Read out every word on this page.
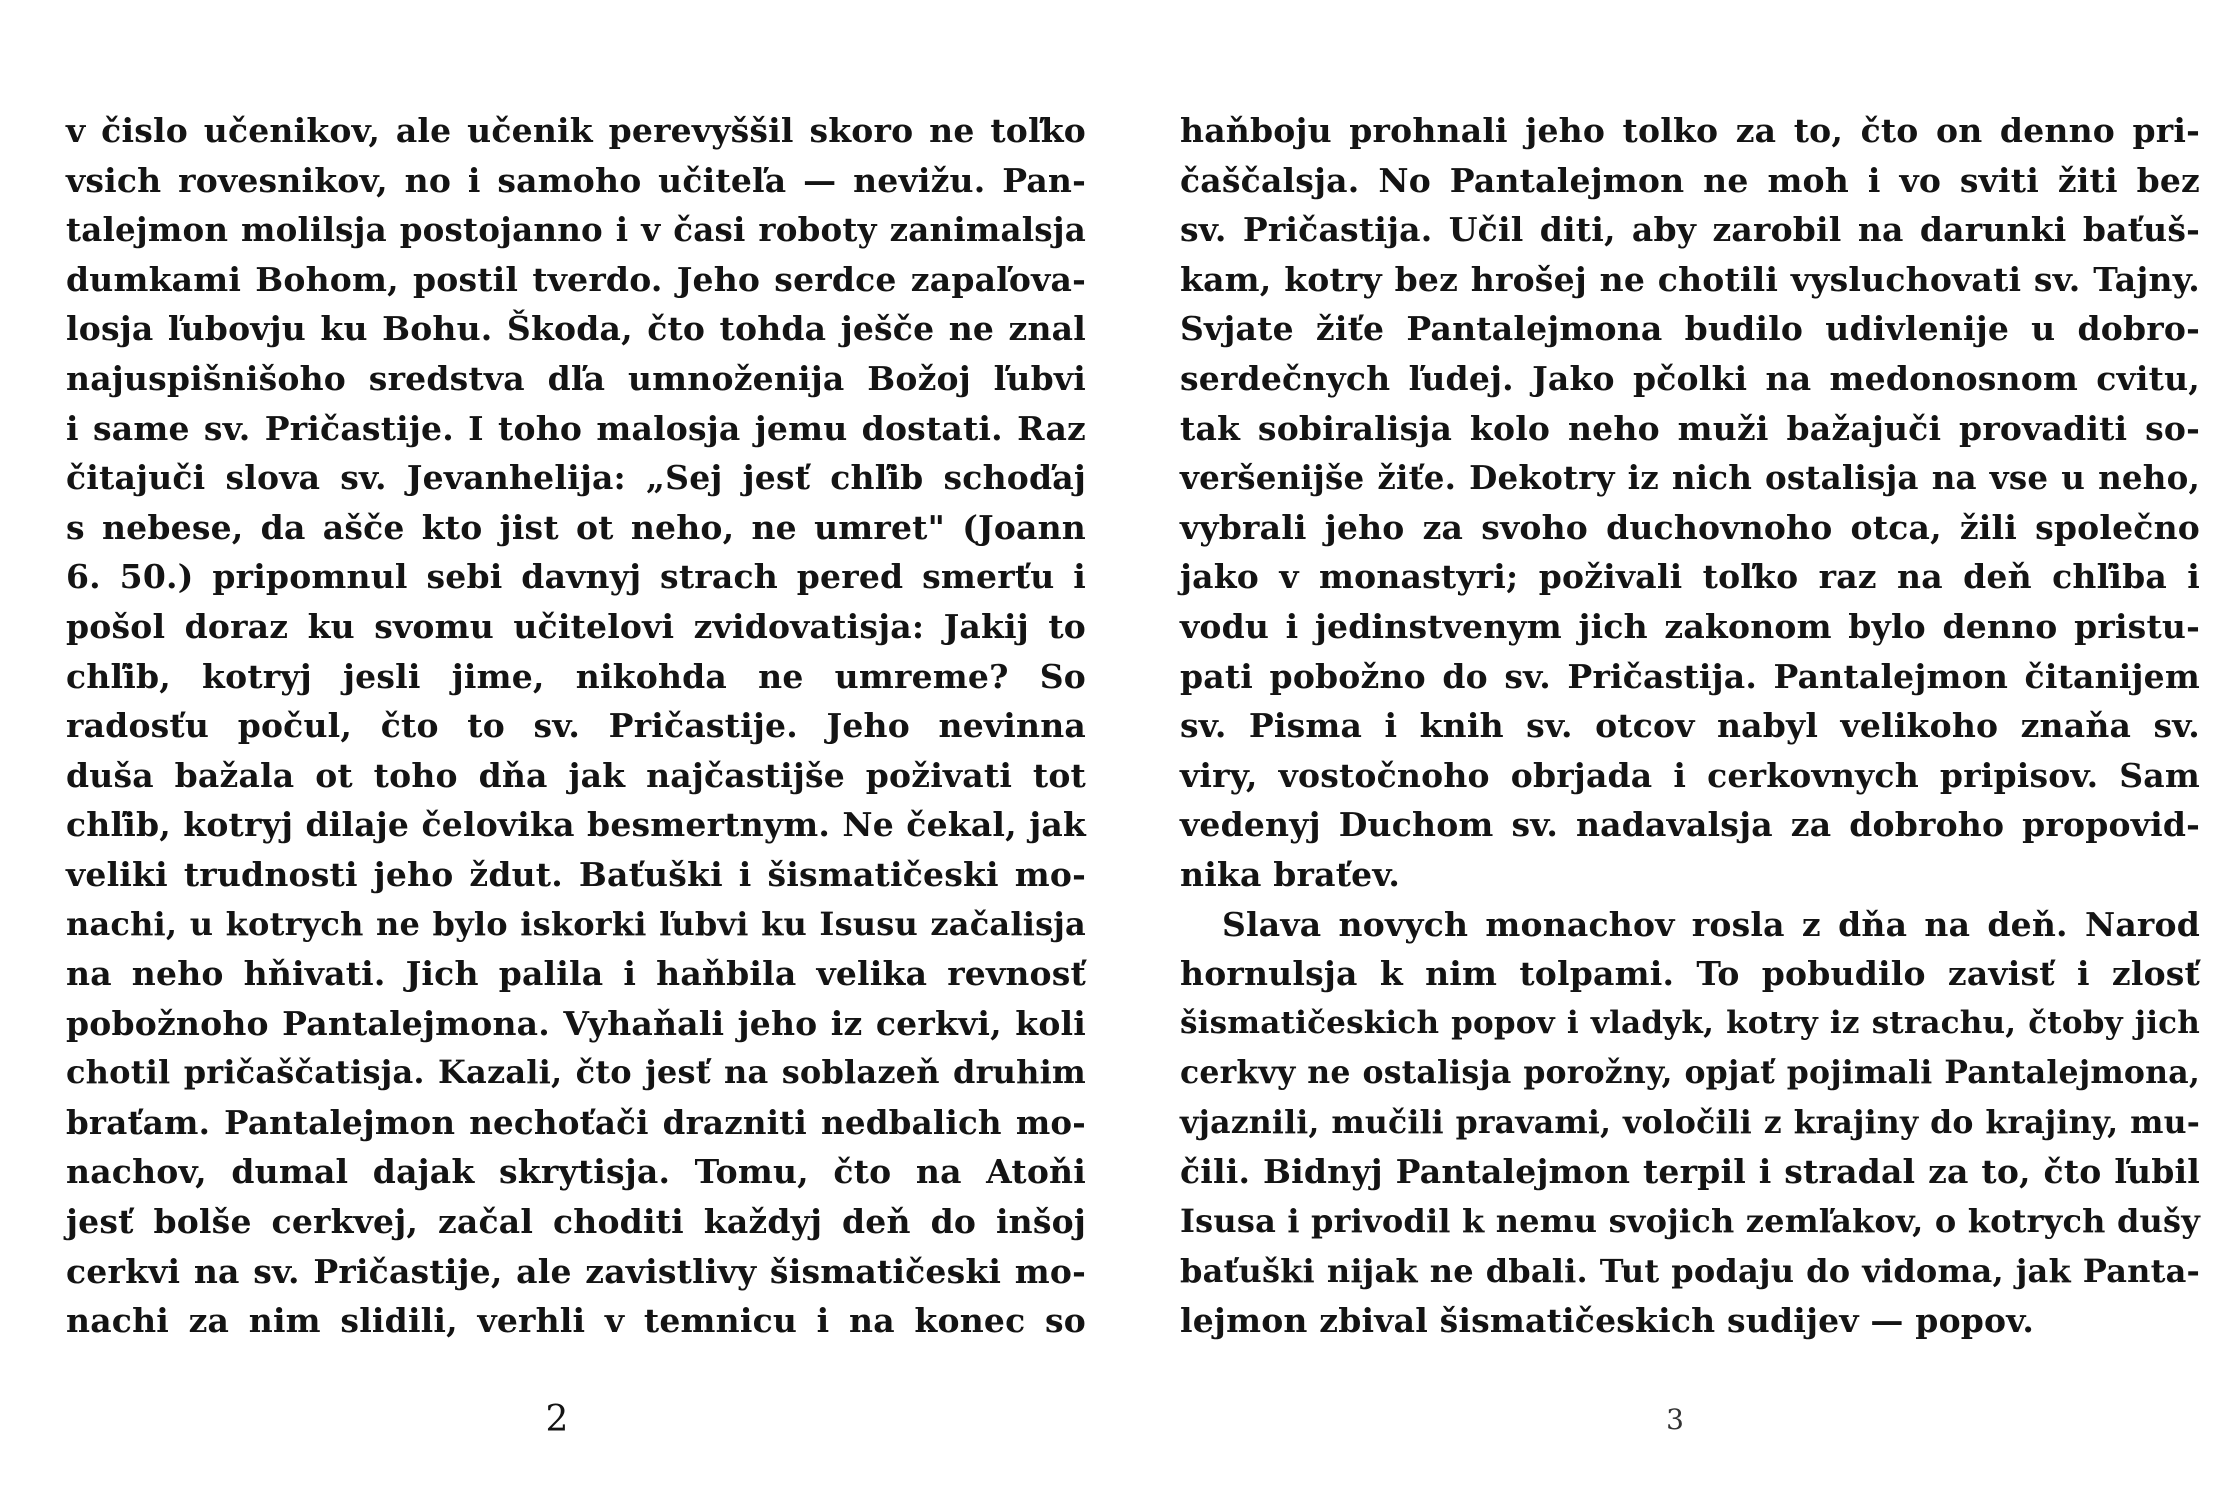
v čislo učenikov, ale učenik perevyššil skoro ne toľko
vsich rovesnikov, no i samoho učiteľa — nevižu. Pan-
talejmon molilsja postojanno i v časi roboty zanimalsja
dumkami Bohom, postil tverdo. Jeho serdce zapaľova-
losja ľubovju ku Bohu. Škoda, čto tohda ješče ne znal
najuspišnišoho sredstva dľa umnoženija Božoj ľubvi
i same sv. Pričastije. I toho malosja jemu dostati. Raz
čitajuči slova sv. Jevanhelija: „Sej jesť chľib schoďaj
s nebese, da ašče kto jist ot neho, ne umret" (Joann
6. 50.) pripomnul sebi davnyj strach pered smerťu i
pošol doraz ku svomu učitelovi zvidovatisja: Jakij to
chľib, kotryj jesli jime, nikohda ne umreme? So
radosťu počul, čto to sv. Pričastije. Jeho nevinna
duša bažala ot toho dňa jak najčastijše poživati tot
chľib, kotryj dilaje čelovika besmertnym. Ne čekal, jak
veliki trudnosti jeho ždut. Baťuški i šismatičeski mo-
nachi, u kotrych ne bylo iskorki ľubvi ku Isusu začalisja
na neho hňivati. Jich palila i haňbila velika revnosť
pobožnoho Pantalejmona. Vyhaňali jeho iz cerkvi, koli
chotil pričaščatisja. Kazali, čto jesť na soblazeň druhim
braťam. Pantalejmon nechoťači drazniti nedbalich mo-
nachov, dumal dajak skrytisja. Tomu, čto na Atoňi
jesť bolše cerkvej, začal choditi každyj deň do inšoj
cerkvi na sv. Pričastije, ale zavistlivy šismatičeski mo-
nachi za nim slidili, verhli v temnicu i na konec so
2
haňboju prohnali jeho tolko za to, čto on denno pri-
čaščalsja. No Pantalejmon ne moh i vo sviti žiti bez
sv. Pričastija. Učil diti, aby zarobil na darunki baťuš-
kam, kotry bez hrošej ne chotili vysluchovati sv. Tajny.
Svjate žiťe Pantalejmona budilo udivlenije u dobro-
serdečnych ľudej. Jako pčolki na medonosnom cvitu,
tak sobiralisja kolo neho muži bažajuči provaditi so-
veršenijše žiťe. Dekotry iz nich ostalisja na vse u neho,
vybrali jeho za svoho duchovnoho otca, žili společno
jako v monastyri; poživali toľko raz na deň chľiba i
vodu i jedinstvenym jich zakonom bylo denno pristu-
pati pobožno do sv. Pričastija. Pantalejmon čitanijem
sv. Pisma i knih sv. otcov nabyl velikoho znaňa sv.
viry, vostočnoho obrjada i cerkovnych pripisov. Sam
vedenyj Duchom sv. nadavalsja za dobroho propovid-
nika braťev.
Slava novych monachov rosla z dňa na deň. Narod
hornulsja k nim tolpami. To pobudilo zavisť i zlosť
šismatičeskich popov i vladyk, kotry iz strachu, čtoby jich
cerkvy ne ostalisja porožny, opjať pojimali Pantalejmona,
vjaznili, mučili pravami, voločili z krajiny do krajiny, mu-
čili. Bidnyj Pantalejmon terpil i stradal za to, čto ľubil
Isusa i privodil k nemu svojich zemľakov, o kotrych dušy
baťuški nijak ne dbali. Tut podaju do vidoma, jak Panta-
lejmon zbival šismatičeskich sudijev — popov.
3
